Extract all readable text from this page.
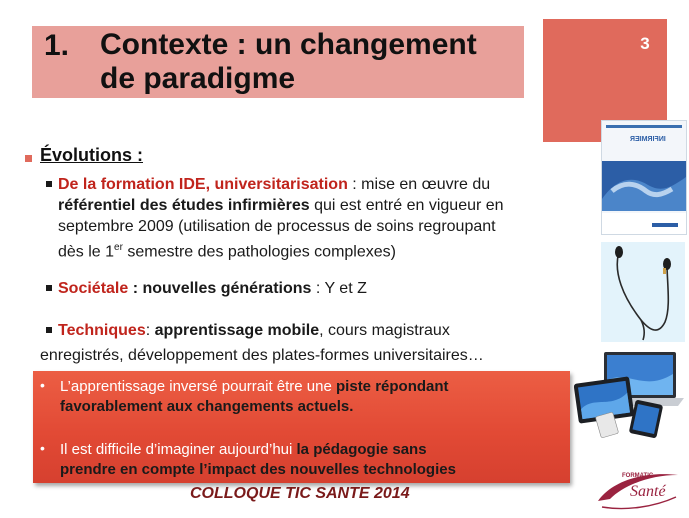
1. Contexte : un changement
de paradigme
3
Évolutions :
De la formation IDE, universitarisation : mise en œuvre du
référentiel des études infirmières qui est entré en vigueur en
septembre 2009 (utilisation de processus de soins regroupant
dès le 1er semestre des pathologies complexes)
Sociétale : nouvelles générations : Y et Z
Techniques: apprentissage mobile, cours magistraux
enregistrés, développement des plates-formes universitaires…
• L’apprentissage inversé pourrait être une piste répondant
favorablement aux changements actuels.
• Il est difficile d’imaginer aujourd’hui la pédagogie sans
prendre en compte l’impact des nouvelles technologies
COLLOQUE TIC SANTE 2014
INFIRMIER
FORMATIC
Santé
